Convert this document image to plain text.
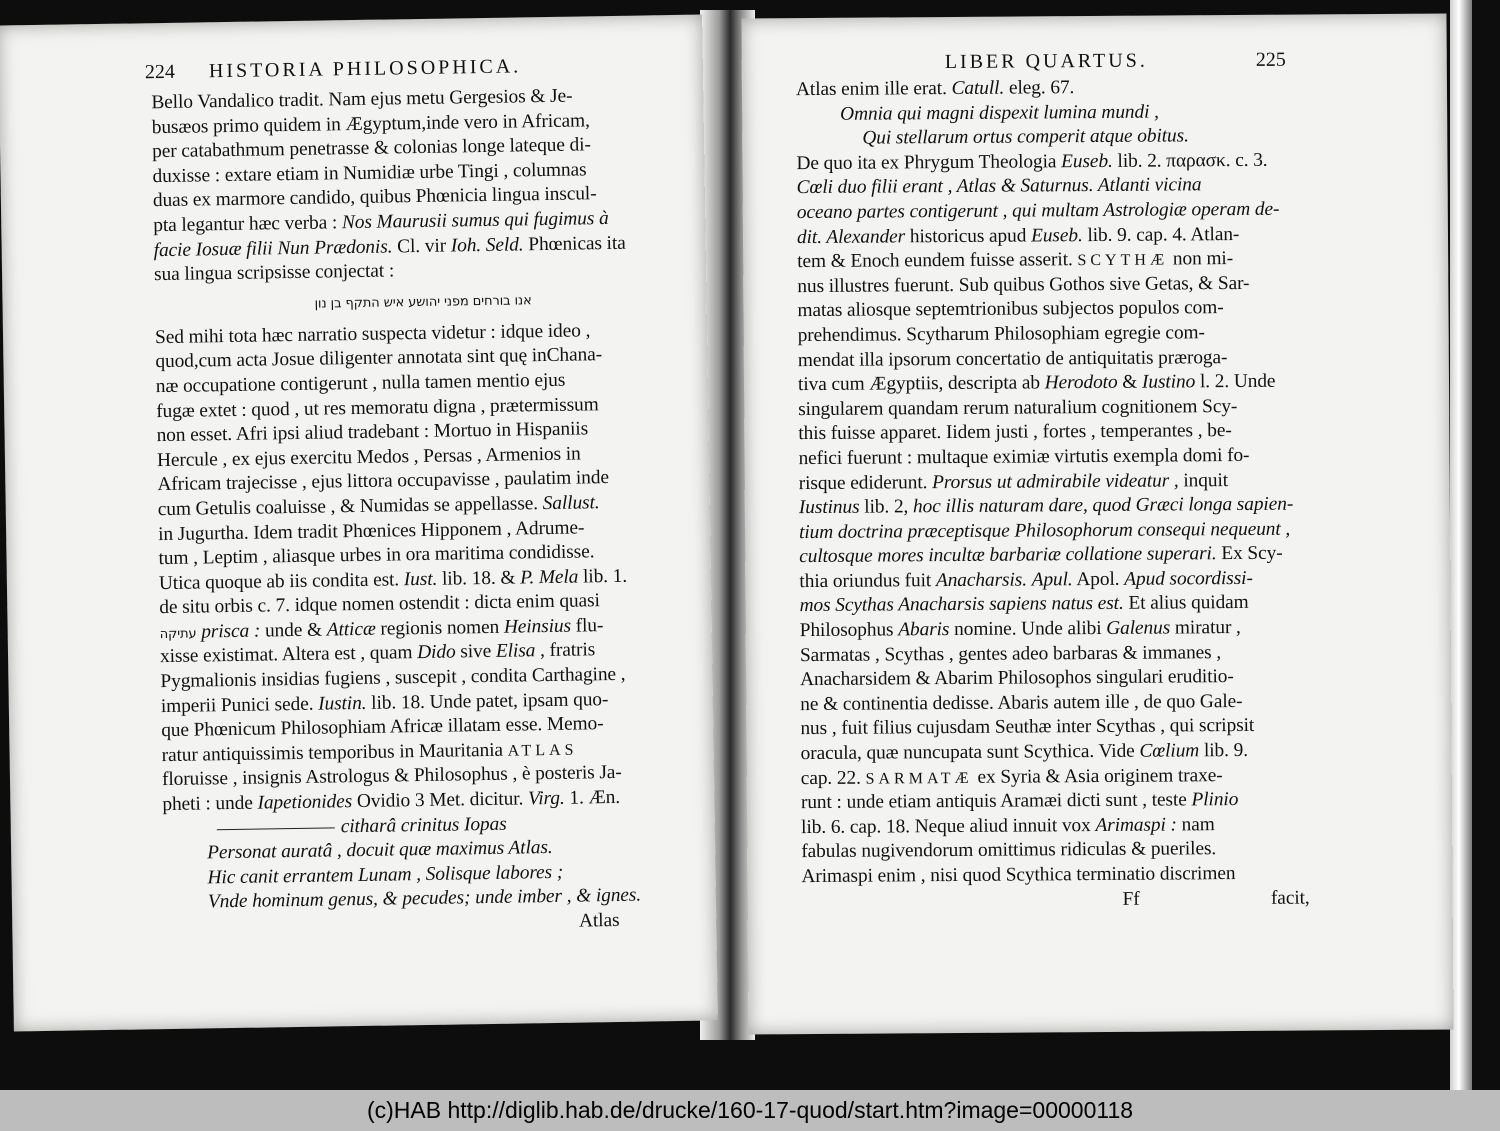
224 HISTORIA PHILOSOPHICA.
Bello Vandalico tradit. Nam ejus metu Gergesios & Je-
busæos primo quidem in Ægyptum,inde vero in Africam,
per catabathmum penetrasse & colonias longe lateque di-
duxisse : extare etiam in Numidiæ urbe Tingi , columnas
duas ex marmore candido, quibus Phœnicia lingua inscul-
pta legantur hæc verba : Nos Maurusii sumus qui fugimus à
facie Iosuæ filii Nun Prædonis. Cl. vir Ioh. Seld. Phœnicas ita
sua lingua scripsisse conjectat :
אנו בורחים מפני יהושע איש התקף בן נון
Sed mihi tota hæc narratio suspecta videtur : idque ideo ,
quod,cum acta Josue diligenter annotata sint quę inChana-
næ occupatione contigerunt , nulla tamen mentio ejus
fugæ extet : quod , ut res memoratu digna , prætermissum
non esset. Afri ipsi aliud tradebant : Mortuo in Hispaniis
Hercule , ex ejus exercitu Medos , Persas , Armenios in
Africam trajecisse , ejus littora occupavisse , paulatim inde
cum Getulis coaluisse , & Numidas se appellasse. Sallust.
in Jugurtha. Idem tradit Phœnices Hipponem , Adrume-
tum , Leptim , aliasque urbes in ora maritima condidisse.
Utica quoque ab iis condita est. Iust. lib. 18. & P. Mela lib. 1.
de situ orbis c. 7. idque nomen ostendit : dicta enim quasi
עתיקה prisca : unde & Atticæ regionis nomen Heinsius flu-
xisse existimat. Altera est , quam Dido sive Elisa , fratris
Pygmalionis insidias fugiens , suscepit , condita Carthagine ,
imperii Punici sede. Iustin. lib. 18. Unde patet, ipsam quo-
que Phœnicum Philosophiam Africæ illatam esse. Memo-
ratur antiquissimis temporibus in Mauritania ATLAS
floruisse , insignis Astrologus & Philosophus , è posteris Ja-
pheti : unde Iapetionides Ovidio 3 Met. dicitur. Virg. 1. Æn.
citharâ crinitus Iopas
Personat auratâ , docuit quæ maximus Atlas.
Hic canit errantem Lunam , Solisque labores ;
Vnde hominum genus, & pecudes; unde imber , & ignes.
Atlas
LIBER QUARTUS.	225
Atlas enim ille erat. Catull. eleg. 67.
Omnia qui magni dispexit lumina mundi ,
Qui stellarum ortus comperit atque obitus.
De quo ita ex Phrygum Theologia Euseb. lib. 2. παρασκ. c. 3.
Cœli duo filii erant , Atlas & Saturnus. Atlanti vicina
oceano partes contigerunt , qui multam Astrologiæ operam de-
dit. Alexander historicus apud Euseb. lib. 9. cap. 4. Atlan-
tem & Enoch eundem fuisse asserit. SCYTHÆ non mi-
nus illustres fuerunt. Sub quibus Gothos sive Getas, & Sar-
matas aliosque septemtrionibus subjectos populos com-
prehendimus. Scytharum Philosophiam egregie com-
mendat illa ipsorum concertatio de antiquitatis prærogа-
tiva cum Ægyptiis, descripta ab Herodoto & Iustino l. 2. Unde
singularem quandam rerum naturalium cognitionem Scy-
this fuisse apparet. Iidem justi , fortes , temperantes , be-
nefici fuerunt : multaque eximiæ virtutis exempla domi fo-
risque ediderunt. Prorsus ut admirabile videatur , inquit
Iustinus lib. 2, hoc illis naturam dare, quod Græci longa sapien-
tium doctrina præceptisque Philosophorum consequi nequeunt ,
cultosque mores incultæ barbariæ collatione superari. Ex Scy-
thia oriundus fuit Anacharsis. Apul. Apol. Apud socordissi-
mos Scythas Anacharsis sapiens natus est. Et alius quidam
Philosophus Abaris nomine. Unde alibi Galenus miratur ,
Sarmatas , Scythas , gentes adeo barbaras & immanes ,
Anacharsidem & Abarim Philosophos singulari eruditio-
ne & continentia dedisse. Abaris autem ille , de quo Gale-
nus , fuit filius cujusdam Seuthæ inter Scythas , qui scripsit
oracula, quæ nuncupata sunt Scythica. Vide Cœlium lib. 9.
cap. 22. SARMATÆ ex Syria & Asia originem traxe-
runt : unde etiam antiquis Aramæi dicti sunt , teste Plinio
lib. 6. cap. 18. Neque aliud innuit vox Arimaspi : nam
fabulas nugivendorum omittimus ridiculas & pueriles.
Arimaspi enim , nisi quod Scythica terminatio discrimen
Ff	facit,
(c)HAB http://diglib.hab.de/drucke/160-17-quod/start.htm?image=00000118
